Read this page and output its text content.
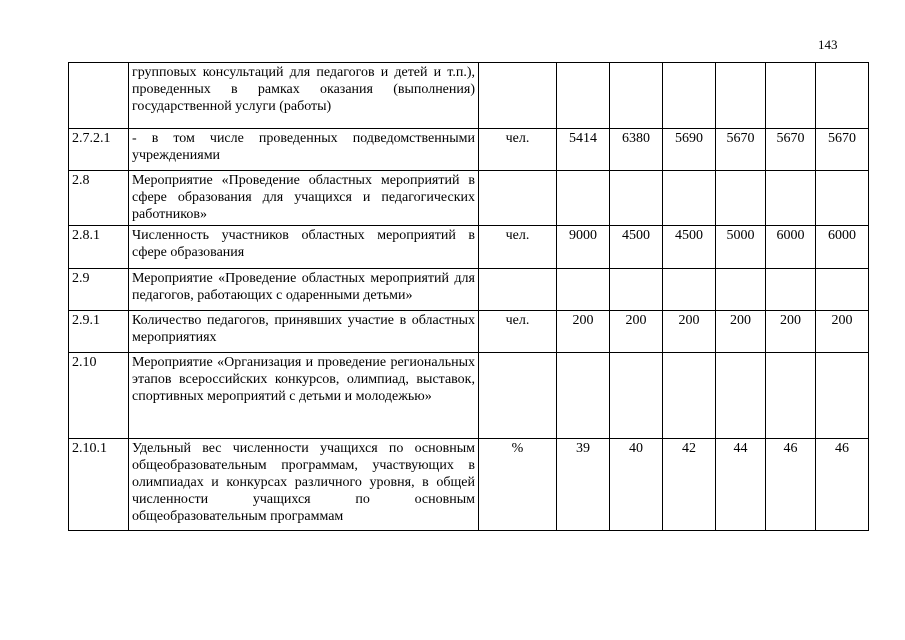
143
	групповых консультаций для педагогов и детей и т.п.), проведенных в рамках оказания (выполнения) государственной услуги (работы)							
2.7.2.1	- в том числе проведенных подведомственными учреждениями	чел.	5414	6380	5690	5670	5670	5670
2.8	Мероприятие «Проведение областных мероприятий в сфере образования для учащихся и педагогических работников»							
2.8.1	Численность участников областных мероприятий в сфере образования	чел.	9000	4500	4500	5000	6000	6000
2.9	Мероприятие «Проведение областных мероприятий для педагогов, работающих с одаренными детьми»							
2.9.1	Количество педагогов, принявших участие в областных мероприятиях	чел.	200	200	200	200	200	200
2.10	Мероприятие «Организация и проведение региональных этапов всероссийских конкурсов, олимпиад, выставок, спортивных мероприятий с детьми и молодежью»							
2.10.1	Удельный вес численности учащихся по основным общеобразовательным программам, участвующих в олимпиадах и конкурсах различного уровня, в общей численности учащихся по основным общеобразовательным программам	%	39	40	42	44	46	46
